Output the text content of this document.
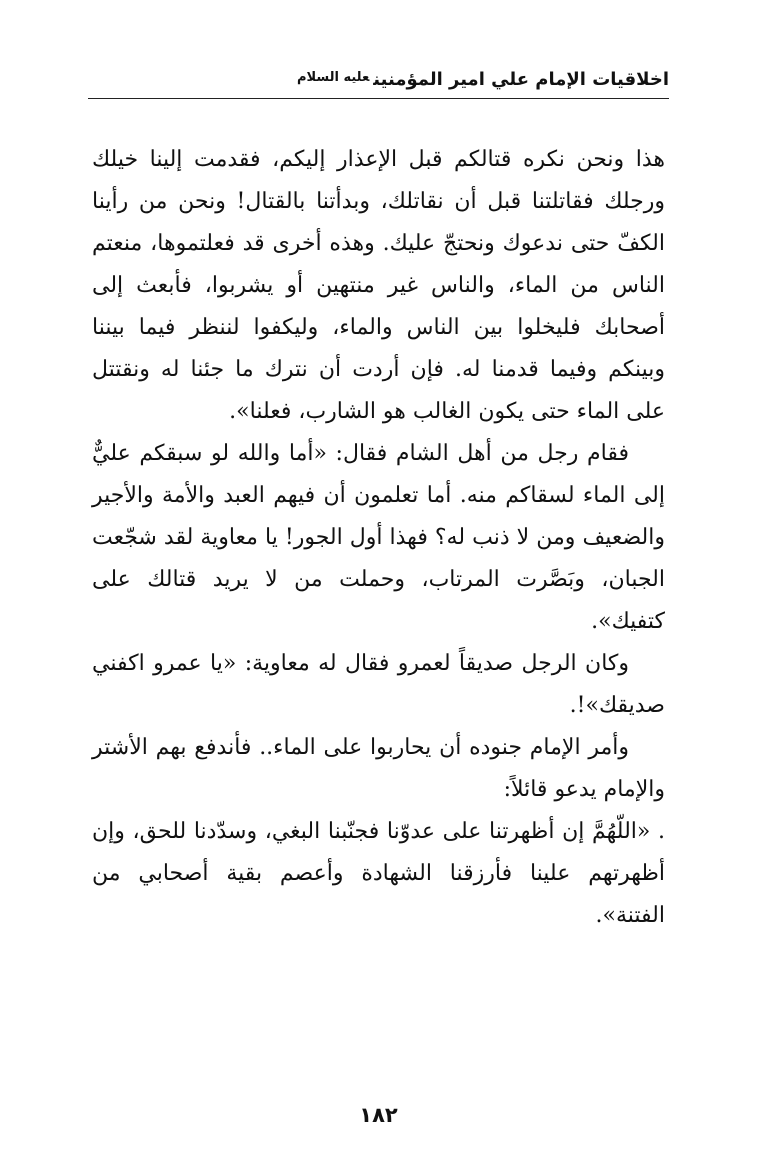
اخلاقيات الإمام علي امير المؤمنين$^{عليه السلام}$

هذا ونحن نكره قتالكم قبل الإعذار إليكم، فقدمت إلينا خيلك ورجلك فقاتلتنا قبل أن نقاتلك، وبدأتنا بالقتال! ونحن من رأينا الكفّ حتى ندعوك ونحتجّ عليك. وهذه أخرى قد فعلتموها، منعتم الناس من الماء، والناس غير منتهين أو يشربوا، فأبعث إلى أصحابك فليخلوا بين الناس والماء، وليكفوا لننظر فيما بيننا وبينكم وفيما قدمنا له. فإن أردت أن نترك ما جئنا له ونقتتل على الماء حتى يكون الغالب هو الشارب، فعلنا».

فقام رجل من أهل الشام فقال: «أما والله لو سبقكم عليٌّ إلى الماء لسقاكم منه. أما تعلمون أن فيهم العبد والأمة والأجير والضعيف ومن لا ذنب له؟ فهذا أول الجور! يا معاوية لقد شجّعت الجبان، وبَصَّرت المرتاب، وحملت من لا يريد قتالك على كتفيك».

وكان الرجل صديقاً لعمرو فقال له معاوية: «يا عمرو اكفني صديقك»!.

وأمر الإمام جنوده أن يحاربوا على الماء.. فأندفع بهم الأشتر والإمام يدعو قائلاً:

. «اللّهُمَّ إن أظهرتنا على عدوّنا فجنّبنا البغي، وسدّدنا للحق، وإن أظهرتهم علينا فأرزقنا الشهادة وأعصم بقية أصحابي من الفتنة».

١٨٢
